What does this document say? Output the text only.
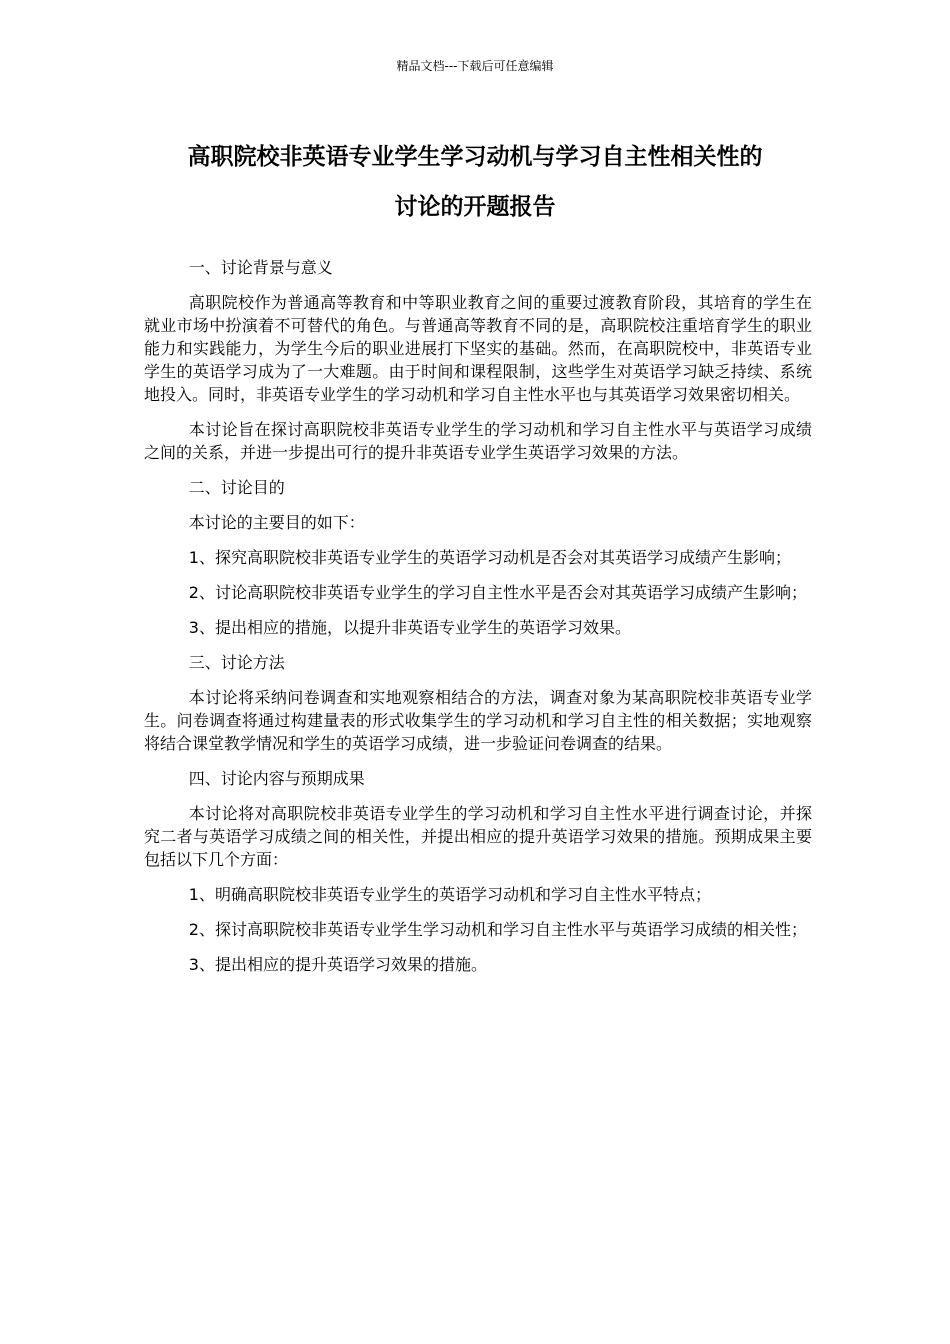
精品文档---下载后可任意编辑
高职院校非英语专业学生学习动机与学习自主性相关性的
讨论的开题报告

一、讨论背景与意义

高职院校作为普通高等教育和中等职业教育之间的重要过渡教育阶段，其培育的学生在就业市场中扮演着不可替代的角色。与普通高等教育不同的是，高职院校注重培育学生的职业能力和实践能力，为学生今后的职业进展打下坚实的基础。然而，在高职院校中，非英语专业学生的英语学习成为了一大难题。由于时间和课程限制，这些学生对英语学习缺乏持续、系统地投入。同时，非英语专业学生的学习动机和学习自主性水平也与其英语学习效果密切相关。

本讨论旨在探讨高职院校非英语专业学生的学习动机和学习自主性水平与英语学习成绩之间的关系，并进一步提出可行的提升非英语专业学生英语学习效果的方法。

二、讨论目的

本讨论的主要目的如下：

1、探究高职院校非英语专业学生的英语学习动机是否会对其英语学习成绩产生影响；

2、讨论高职院校非英语专业学生的学习自主性水平是否会对其英语学习成绩产生影响；

3、提出相应的措施，以提升非英语专业学生的英语学习效果。

三、讨论方法

本讨论将采纳问卷调查和实地观察相结合的方法，调查对象为某高职院校非英语专业学生。问卷调查将通过构建量表的形式收集学生的学习动机和学习自主性的相关数据；实地观察将结合课堂教学情况和学生的英语学习成绩，进一步验证问卷调查的结果。

四、讨论内容与预期成果

本讨论将对高职院校非英语专业学生的学习动机和学习自主性水平进行调查讨论，并探究二者与英语学习成绩之间的相关性，并提出相应的提升英语学习效果的措施。预期成果主要包括以下几个方面：

1、明确高职院校非英语专业学生的英语学习动机和学习自主性水平特点；

2、探讨高职院校非英语专业学生学习动机和学习自主性水平与英语学习成绩的相关性；

3、提出相应的提升英语学习效果的措施。
